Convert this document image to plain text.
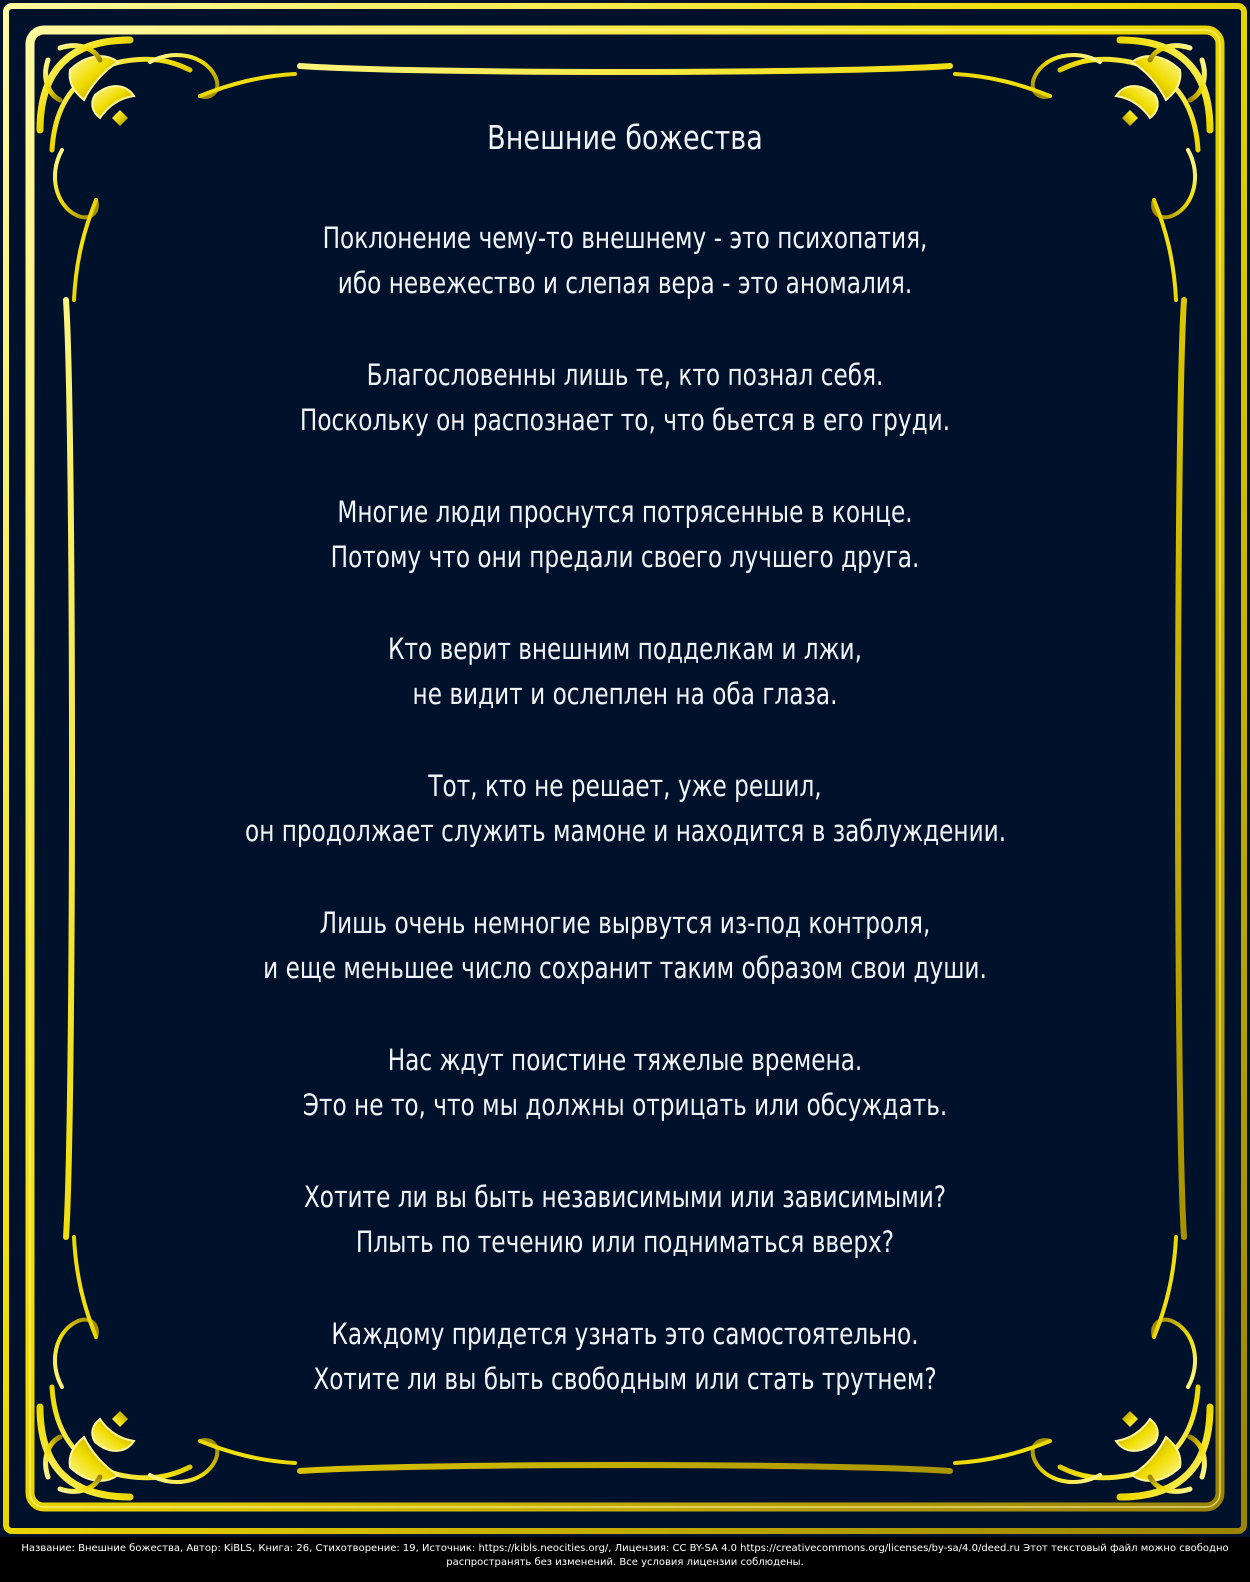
Внешние божества
Поклонение чему-то внешнему - это психопатия,
ибо невежество и слепая вера - это аномалия.
Благословенны лишь те, кто познал себя.
Поскольку он распознает то, что бьется в его груди.
Многие люди проснутся потрясенные в конце.
Потому что они предали своего лучшего друга.
Кто верит внешним подделкам и лжи,
не видит и ослеплен на оба глаза.
Тот, кто не решает, уже решил,
он продолжает служить мамоне и находится в заблуждении.
Лишь очень немногие вырвутся из-под контроля,
и еще меньшее число сохранит таким образом свои души.
Нас ждут поистине тяжелые времена.
Это не то, что мы должны отрицать или обсуждать.
Хотите ли вы быть независимыми или зависимыми?
Плыть по течению или подниматься вверх?
Каждому придется узнать это самостоятельно.
Хотите ли вы быть свободным или стать трутнем?
Название: Внешние божества, Автор: KiBLS, Книга: 26, Стихотворение: 19, Источник: https://kibls.neocities.org/, Лицензия: CC BY-SA 4.0 https://creativecommons.org/licenses/by-sa/4.0/deed.ru Этот текстовый файл можно свободно
распространять без изменений. Все условия лицензии соблюдены.
